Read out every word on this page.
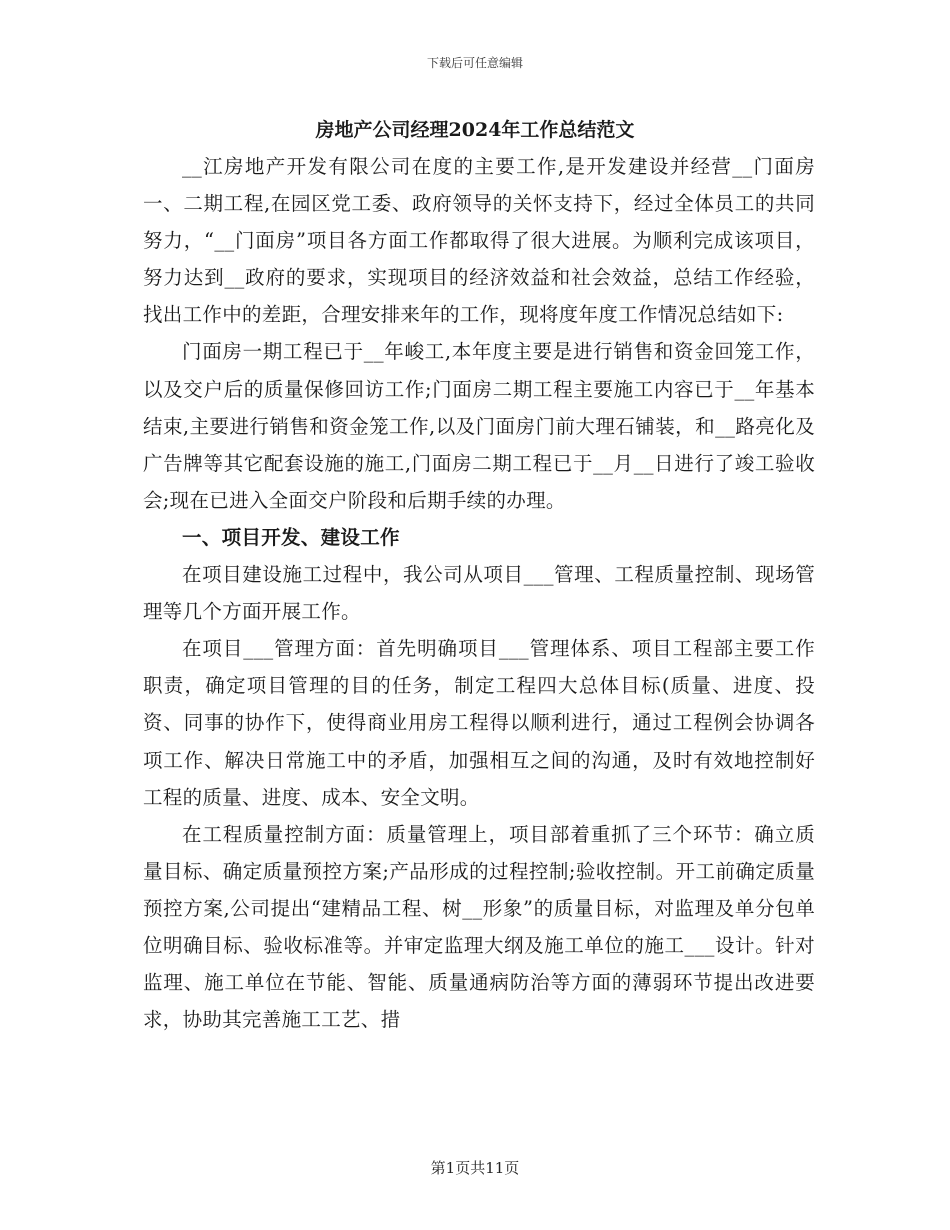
下载后可任意编辑
房地产公司经理2024年工作总结范文

__江房地产开发有限公司在度的主要工作,是开发建设并经营__门面房一、二期工程,在园区党工委、政府领导的关怀支持下，经过全体员工的共同努力，“__门面房”项目各方面工作都取得了很大进展。为顺利完成该项目，努力达到__政府的要求，实现项目的经济效益和社会效益，总结工作经验，找出工作中的差距，合理安排来年的工作，现将度年度工作情况总结如下:

门面房一期工程已于__年峻工,本年度主要是进行销售和资金回笼工作，以及交户后的质量保修回访工作;门面房二期工程主要施工内容已于__年基本结束,主要进行销售和资金笼工作,以及门面房门前大理石铺装，和__路亮化及广告牌等其它配套设施的施工,门面房二期工程已于__月__日进行了竣工验收会;现在已进入全面交户阶段和后期手续的办理。

一、项目开发、建设工作

在项目建设施工过程中，我公司从项目___管理、工程质量控制、现场管理等几个方面开展工作。

在项目___管理方面：首先明确项目___管理体系、项目工程部主要工作职责，确定项目管理的目的任务，制定工程四大总体目标(质量、进度、投资、同事的协作下，使得商业用房工程得以顺利进行，通过工程例会协调各项工作、解决日常施工中的矛盾，加强相互之间的沟通，及时有效地控制好工程的质量、进度、成本、安全文明。

在工程质量控制方面：质量管理上，项目部着重抓了三个环节：确立质量目标、确定质量预控方案;产品形成的过程控制;验收控制。开工前确定质量预控方案,公司提出“建精品工程、树__形象”的质量目标，对监理及单分包单位明确目标、验收标准等。并审定监理大纲及施工单位的施工___设计。针对监理、施工单位在节能、智能、质量通病防治等方面的薄弱环节提出改进要求，协助其完善施工工艺、措

第1页共11页
